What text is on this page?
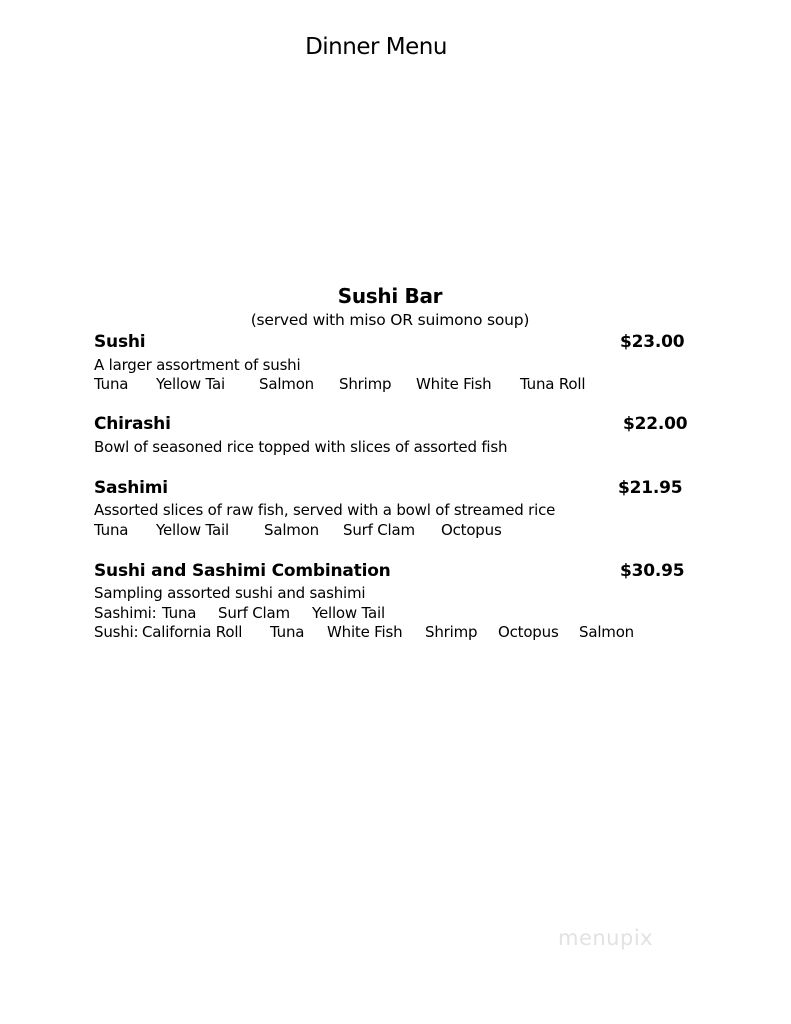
Dinner Menu
Sushi Bar
(served with miso OR suimono soup)
Sushi	$23.00
A larger assortment of sushi
Tuna Yellow Tai Salmon Shrimp White Fish Tuna Roll
Chirashi	$22.00
Bowl of seasoned rice topped with slices of assorted fish
Sashimi	$21.95
Assorted slices of raw fish, served with a bowl of streamed rice
Tuna Yellow Tail Salmon Surf Clam Octopus
Sushi and Sashimi Combination	$30.95
Sampling assorted sushi and sashimi
Sashimi: Tuna Surf Clam Yellow Tail
Sushi: California Roll Tuna White Fish Shrimp Octopus Salmon
menupix
